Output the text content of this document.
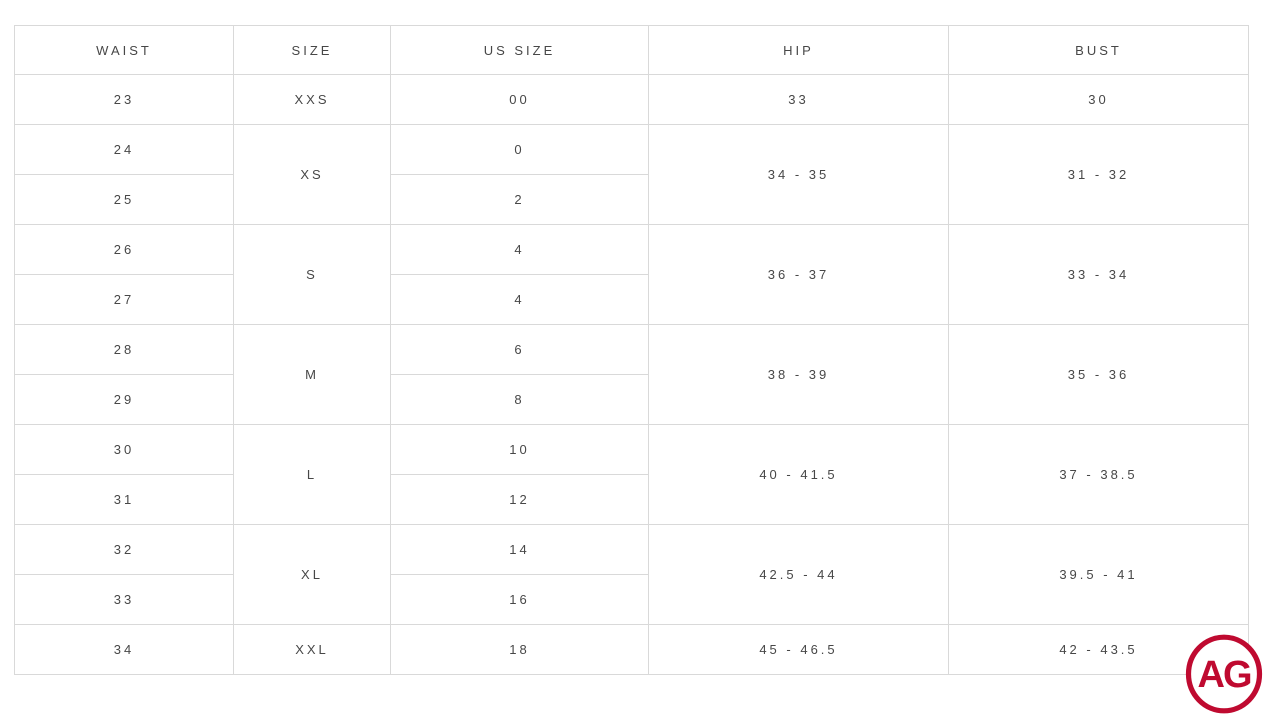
WAIST	SIZE	US SIZE	HIP	BUST
23	XXS	00	33	30
24	XS	0	34 - 35	31 - 32
25		2		
26	S	4	36 - 37	33 - 34
27		4		
28	M	6	38 - 39	35 - 36
29		8		
30	L	10	40 - 41.5	37 - 38.5
31		12		
32	XL	14	42.5 - 44	39.5 - 41
33		16		
34	XXL	18	45 - 46.5	42 - 43.5
AG
